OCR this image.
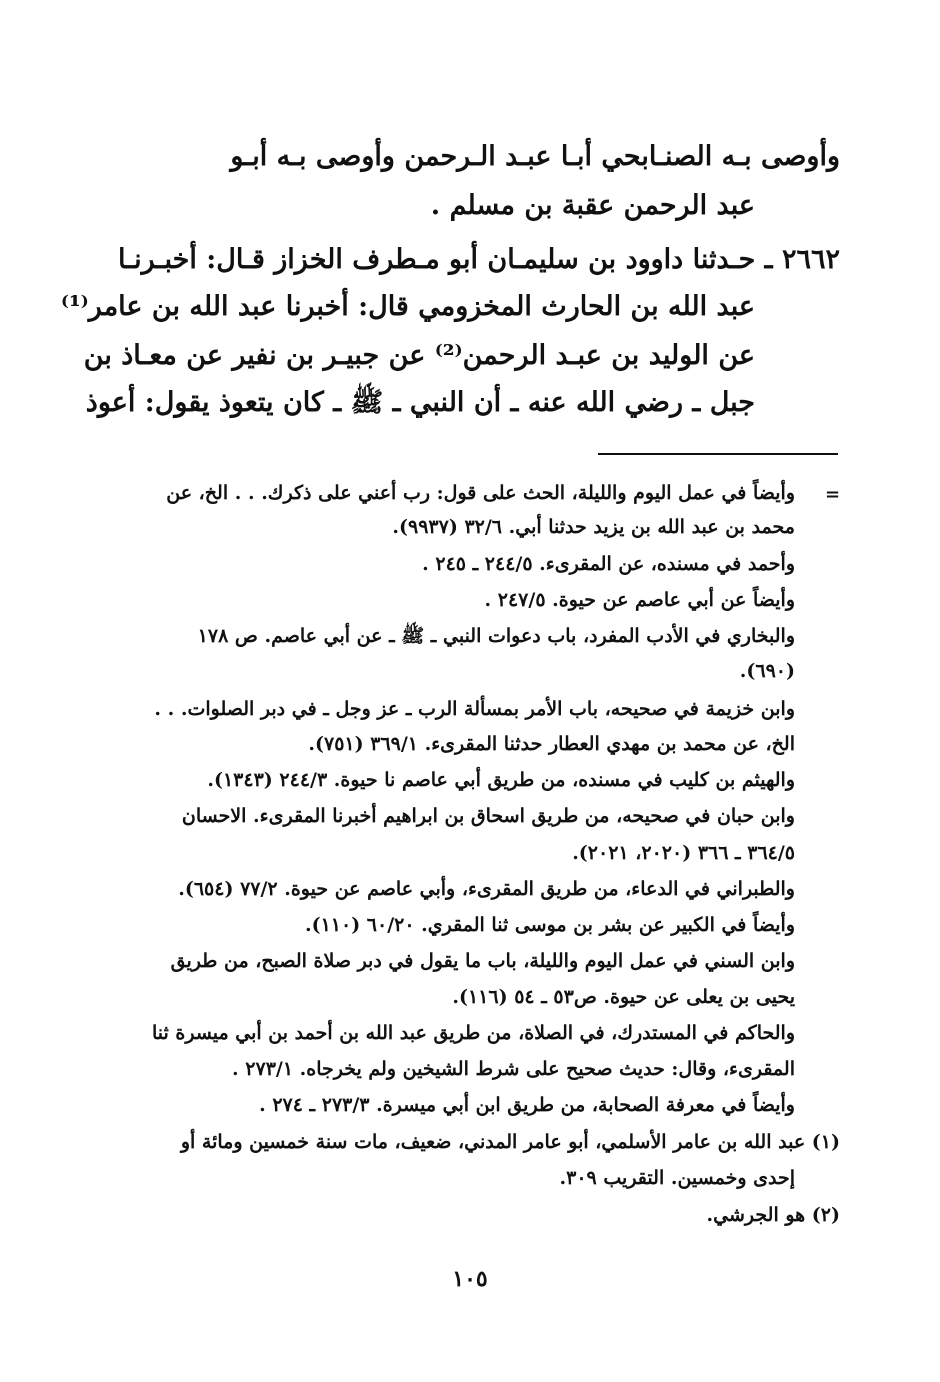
وأوصى بـه الصنـابحي أبـا عبـد الـرحمن وأوصى بـه أبـو
عبد الرحمن عقبة بن مسلم .
٢٦٦٢ ـ حـدثنا داوود بن سليمـان أبو مـطرف الخزاز قـال: أخبـرنـا
عبد الله بن الحارث المخزومي قال: أخبرنا عبد الله بن عامر⁽¹⁾
عن الوليد بن عبـد الرحمن⁽²⁾ عن جبيـر بن نفير عن معـاذ بن
جبل ـ رضي الله عنه ـ أن النبي ـ ﷺ ـ كان يتعوذ يقول: أعوذ
=
وأيضاً في عمل اليوم والليلة، الحث على قول: رب أعني على ذكرك. . . الخ، عن
محمد بن عبد الله بن يزيد حدثنا أبي. ٣٢/٦ (٩٩٣٧).
وأحمد في مسنده، عن المقرىء. ٢٤٤/٥ ـ ٢٤٥ .
وأيضاً عن أبي عاصم عن حيوة. ٢٤٧/٥ .
والبخاري في الأدب المفرد، باب دعوات النبي ـ ﷺ ـ عن أبي عاصم. ص ١٧٨
(٦٩٠).
وابن خزيمة في صحيحه، باب الأمر بمسألة الرب ـ عز وجل ـ في دبر الصلوات. . .
الخ، عن محمد بن مهدي العطار حدثنا المقرىء. ٣٦٩/١ (٧٥١).
والهيثم بن كليب في مسنده، من طريق أبي عاصم نا حيوة. ٢٤٤/٣ (١٣٤٣).
وابن حبان في صحيحه، من طريق اسحاق بن ابراهيم أخبرنا المقرىء. الاحسان
٣٦٤/٥ ـ ٣٦٦ (٢٠٢٠، ٢٠٢١).
والطبراني في الدعاء، من طريق المقرىء، وأبي عاصم عن حيوة. ٧٧/٢ (٦٥٤).
وأيضاً في الكبير عن بشر بن موسى ثنا المقري. ٦٠/٢٠ (١١٠).
وابن السني في عمل اليوم والليلة، باب ما يقول في دبر صلاة الصبح، من طريق
يحيى بن يعلى عن حيوة. ص٥٣ ـ ٥٤ (١١٦).
والحاكم في المستدرك، في الصلاة، من طريق عبد الله بن أحمد بن أبي ميسرة ثنا
المقرىء، وقال: حديث صحيح على شرط الشيخين ولم يخرجاه. ٢٧٣/١ .
وأيضاً في معرفة الصحابة، من طريق ابن أبي ميسرة. ٢٧٣/٣ ـ ٢٧٤ .
(١) عبد الله بن عامر الأسلمي، أبو عامر المدني، ضعيف، مات سنة خمسين ومائة أو
إحدى وخمسين. التقريب ٣٠٩.
(٢) هو الجرشي.
١٠٥
